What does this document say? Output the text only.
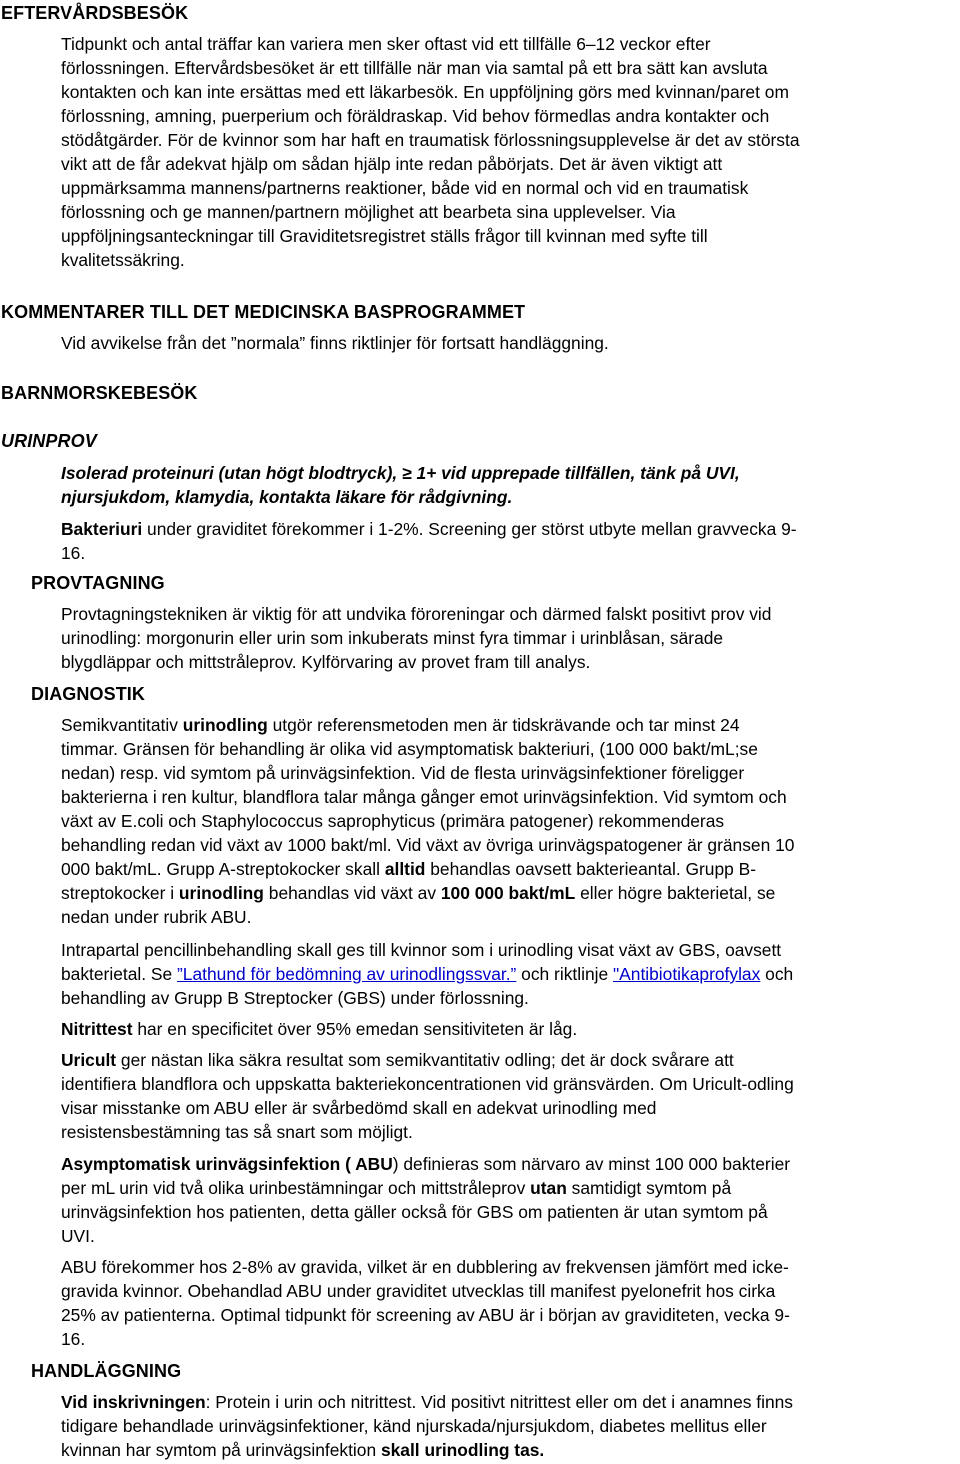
EFTERVÅRDSBESÖK

Tidpunkt och antal träffar kan variera men sker oftast vid ett tillfälle 6–12 veckor efter
förlossningen. Eftervårdsbesöket är ett tillfälle när man via samtal på ett bra sätt kan avsluta
kontakten och kan inte ersättas med ett läkarbesök. En uppföljning görs med kvinnan/paret om
förlossning, amning, puerperium och föräldraskap. Vid behov förmedlas andra kontakter och
stödåtgärder. För de kvinnor som har haft en traumatisk förlossningsupplevelse är det av största
vikt att de får adekvat hjälp om sådan hjälp inte redan påbörjats. Det är även viktigt att
uppmärksamma mannens/partnerns reaktioner, både vid en normal och vid en traumatisk
förlossning och ge mannen/partnern möjlighet att bearbeta sina upplevelser. Via
uppföljningsanteckningar till Graviditetsregistret ställs frågor till kvinnan med syfte till
kvalitetssäkring.

KOMMENTARER TILL DET MEDICINSKA BASPROGRAMMET

Vid avvikelse från det ”normala” finns riktlinjer för fortsatt handläggning.

BARNMORSKEBESÖK
URINPROV

Isolerad proteinuri (utan högt blodtryck), ≥ 1+ vid upprepade tillfällen, tänk på UVI,
njursjukdom, klamydia, kontakta läkare för rådgivning.

Bakteriuri under graviditet förekommer i 1-2%. Screening ger störst utbyte mellan gravvecka 9-
16.

PROVTAGNING

Provtagningstekniken är viktig för att undvika föroreningar och därmed falskt positivt prov vid
urinodling: morgonurin eller urin som inkuberats minst fyra timmar i urinblåsan, särade
blygdläppar och mittstråleprov. Kylförvaring av provet fram till analys.

DIAGNOSTIK

Semikvantitativ urinodling utgör referensmetoden men är tidskrävande och tar minst 24
timmar. Gränsen för behandling är olika vid asymptomatisk bakteriuri, (100 000 bakt/mL;se
nedan) resp. vid symtom på urinvägsinfektion. Vid de flesta urinvägsinfektioner föreligger
bakterierna i ren kultur, blandflora talar många gånger emot urinvägsinfektion. Vid symtom och
växt av E.coli och Staphylococcus saprophyticus (primära patogener) rekommenderas
behandling redan vid växt av 1000 bakt/ml. Vid växt av övriga urinvägspatogener är gränsen 10
000 bakt/mL. Grupp A-streptokocker skall alltid behandlas oavsett bakterieantal. Grupp B-
streptokocker i urinodling behandlas vid växt av 100 000 bakt/mL eller högre bakterietal, se
nedan under rubrik ABU.

Intrapartal pencillinbehandling skall ges till kvinnor som i urinodling visat växt av GBS, oavsett
bakterietal. Se ”Lathund för bedömning av urinodlingssvar.” och riktlinje "Antibiotikaprofylax och
behandling av Grupp B Streptocker (GBS) under förlossning.

Nitrittest har en specificitet över 95% emedan sensitiviteten är låg.

Uricult ger nästan lika säkra resultat som semikvantitativ odling; det är dock svårare att
identifiera blandflora och uppskatta bakteriekoncentrationen vid gränsvärden. Om Uricult-odling
visar misstanke om ABU eller är svårbedömd skall en adekvat urinodling med
resistensbestämning tas så snart som möjligt.

Asymptomatisk urinvägsinfektion ( ABU) definieras som närvaro av minst 100 000 bakterier
per mL urin vid två olika urinbestämningar och mittstråleprov utan samtidigt symtom på
urinvägsinfektion hos patienten, detta gäller också för GBS om patienten är utan symtom på
UVI.

ABU förekommer hos 2-8% av gravida, vilket är en dubblering av frekvensen jämfört med icke-
gravida kvinnor. Obehandlad ABU under graviditet utvecklas till manifest pyelonefrit hos cirka
25% av patienterna. Optimal tidpunkt för screening av ABU är i början av graviditeten, vecka 9-
16.

HANDLÄGGNING

Vid inskrivningen: Protein i urin och nitrittest. Vid positivt nitrittest eller om det i anamnes finns
tidigare behandlade urinvägsinfektioner, känd njurskada/njursjukdom, diabetes mellitus eller
kvinnan har symtom på urinvägsinfektion skall urinodling tas.
